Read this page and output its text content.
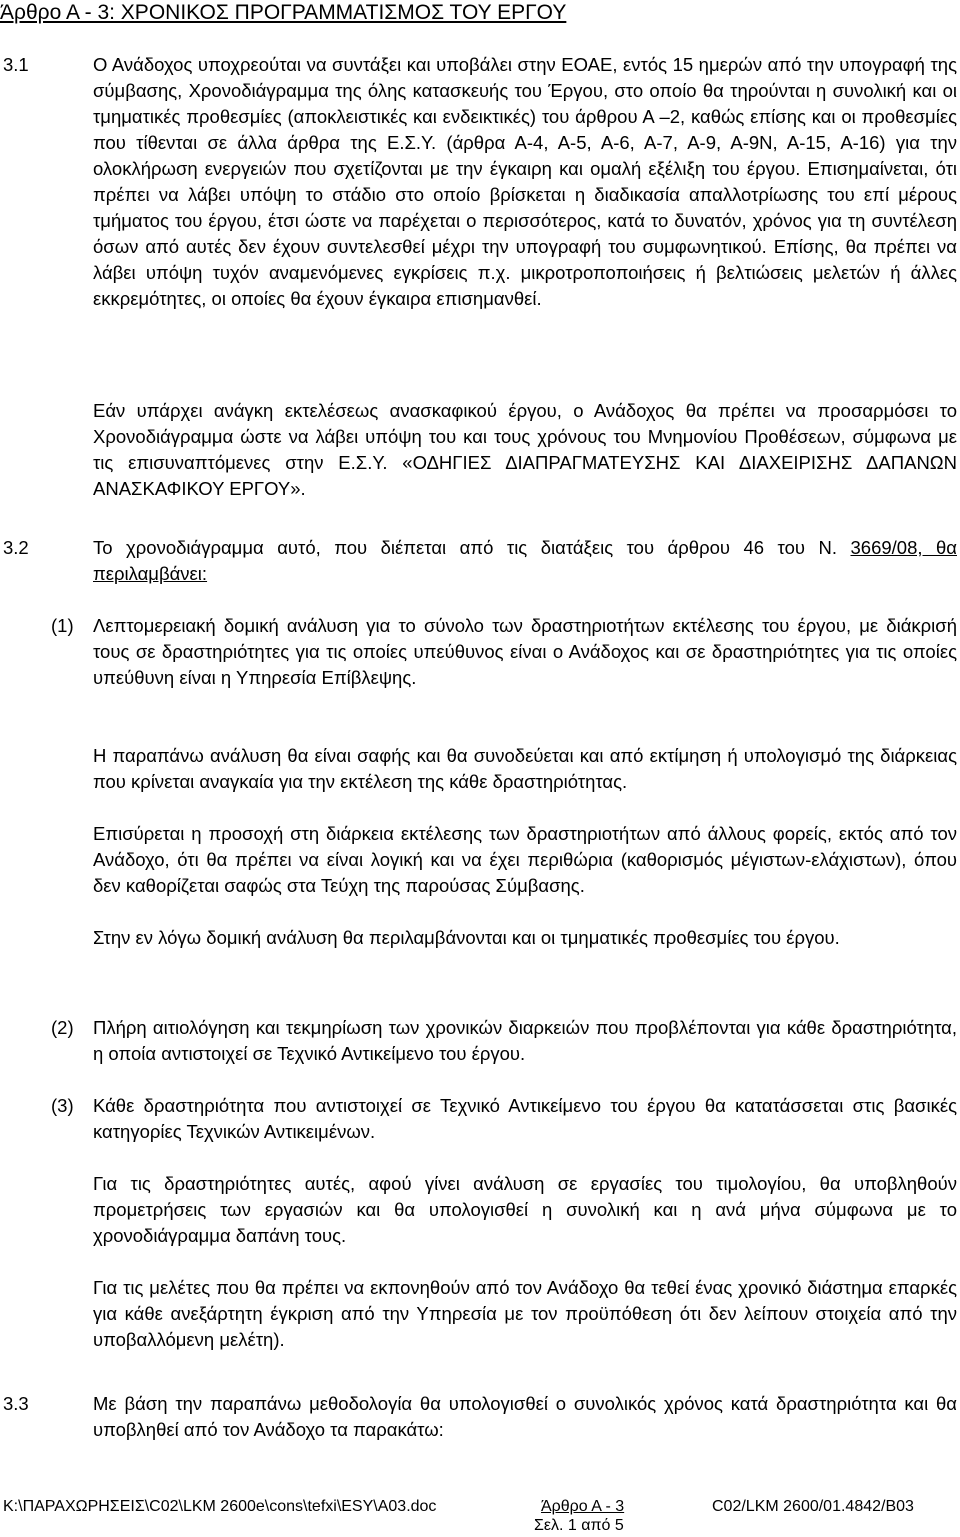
Άρθρο Α - 3: ΧΡΟΝΙΚΟΣ ΠΡΟΓΡΑΜΜΑΤΙΣΜΟΣ ΤΟΥ ΕΡΓΟΥ
3.1	Ο Ανάδοχος υποχρεούται να συντάξει και υποβάλει στην ΕΟΑΕ, εντός 15 ημερών από την υπογραφή της σύμβασης, Χρονοδιάγραμμα της όλης κατασκευής του Έργου, στο οποίο θα τηρούνται η συνολική και οι τμηματικές προθεσμίες (αποκλειστικές και ενδεικτικές) του άρθρου Α –2, καθώς επίσης και οι προθεσμίες που τίθενται σε άλλα άρθρα της Ε.Σ.Υ. (άρθρα Α-4, Α-5, Α-6, Α-7, Α-9, Α-9Ν, Α-15, Α-16) για την ολοκλήρωση ενεργειών που σχετίζονται με την έγκαιρη και ομαλή εξέλιξη του έργου. Επισημαίνεται, ότι πρέπει να λάβει υπόψη το στάδιο στο οποίο βρίσκεται η διαδικασία απαλλοτρίωσης του επί μέρους τμήματος του έργου, έτσι ώστε να παρέχεται ο περισσότερος, κατά το δυνατόν, χρόνος για τη συντέλεση όσων από αυτές δεν έχουν συντελεσθεί μέχρι την υπογραφή του συμφωνητικού. Επίσης, θα πρέπει να λάβει υπόψη τυχόν αναμενόμενες εγκρίσεις π.χ. μικροτροποποιήσεις ή βελτιώσεις μελετών ή άλλες εκκρεμότητες, οι οποίες θα έχουν έγκαιρα επισημανθεί.

Εάν υπάρχει ανάγκη εκτελέσεως ανασκαφικού έργου, ο Ανάδοχος θα πρέπει να προσαρμόσει το Χρονοδιάγραμμα ώστε να λάβει υπόψη του και τους χρόνους του Μνημονίου Προθέσεων, σύμφωνα με τις επισυναπτόμενες στην Ε.Σ.Υ. «ΟΔΗΓΙΕΣ ΔΙΑΠΡΑΓΜΑΤΕΥΣΗΣ ΚΑΙ ΔΙΑΧΕΙΡΙΣΗΣ ΔΑΠΑΝΩΝ ΑΝΑΣΚΑΦΙΚΟΥ ΕΡΓΟΥ».

3.2	Το χρονοδιάγραμμα αυτό, που διέπεται από τις διατάξεις του άρθρου 46 του Ν. 3669/08, θα περιλαμβάνει:

(1) Λεπτομερειακή δομική ανάλυση για το σύνολο των δραστηριοτήτων εκτέλεσης του έργου, με διάκρισή τους σε δραστηριότητες για τις οποίες υπεύθυνος είναι ο Ανάδοχος και σε δραστηριότητες για τις οποίες υπεύθυνη είναι η Υπηρεσία Επίβλεψης.

Η παραπάνω ανάλυση θα είναι σαφής και θα συνοδεύεται και από εκτίμηση ή υπολογισμό της διάρκειας που κρίνεται αναγκαία για την εκτέλεση της κάθε δραστηριότητας.

Επισύρεται η προσοχή στη διάρκεια εκτέλεσης των δραστηριοτήτων από άλλους φορείς, εκτός από τον Ανάδοχο, ότι θα πρέπει να είναι λογική και να έχει περιθώρια (καθορισμός μέγιστων-ελάχιστων), όπου δεν καθορίζεται σαφώς στα Τεύχη της παρούσας Σύμβασης.

Στην εν λόγω δομική ανάλυση θα περιλαμβάνονται και οι τμηματικές προθεσμίες του έργου.

(2) Πλήρη αιτιολόγηση και τεκμηρίωση των χρονικών διαρκειών που προβλέπονται για κάθε δραστηριότητα, η οποία αντιστοιχεί σε Τεχνικό Αντικείμενο του έργου.

(3) Κάθε δραστηριότητα που αντιστοιχεί σε Τεχνικό Αντικείμενο του έργου θα κατατάσσεται στις βασικές κατηγορίες Τεχνικών Αντικειμένων.

Για τις δραστηριότητες αυτές, αφού γίνει ανάλυση σε εργασίες του τιμολογίου, θα υποβληθούν προμετρήσεις των εργασιών και θα υπολογισθεί η συνολική και η ανά μήνα σύμφωνα με το χρονοδιάγραμμα δαπάνη τους.

Για τις μελέτες που θα πρέπει να εκπονηθούν από τον Ανάδοχο θα τεθεί ένας χρονικό διάστημα επαρκές για κάθε ανεξάρτητη έγκριση από την Υπηρεσία με τον προϋπόθεση ότι δεν λείπουν στοιχεία από την υποβαλλόμενη μελέτη).

3.3	Με βάση την παραπάνω μεθοδολογία θα υπολογισθεί ο συνολικός χρόνος κατά δραστηριότητα και θα υποβληθεί από τον Ανάδοχο τα παρακάτω:

K:\ΠΑΡΑΧΩΡΗΣΕΙΣ\C02\LKM 2600e\cons\tefxi\ESY\A03.doc	Άρθρο Α - 3	C02/LKM 2600/01.4842/B03
Σελ. 1 από 5
